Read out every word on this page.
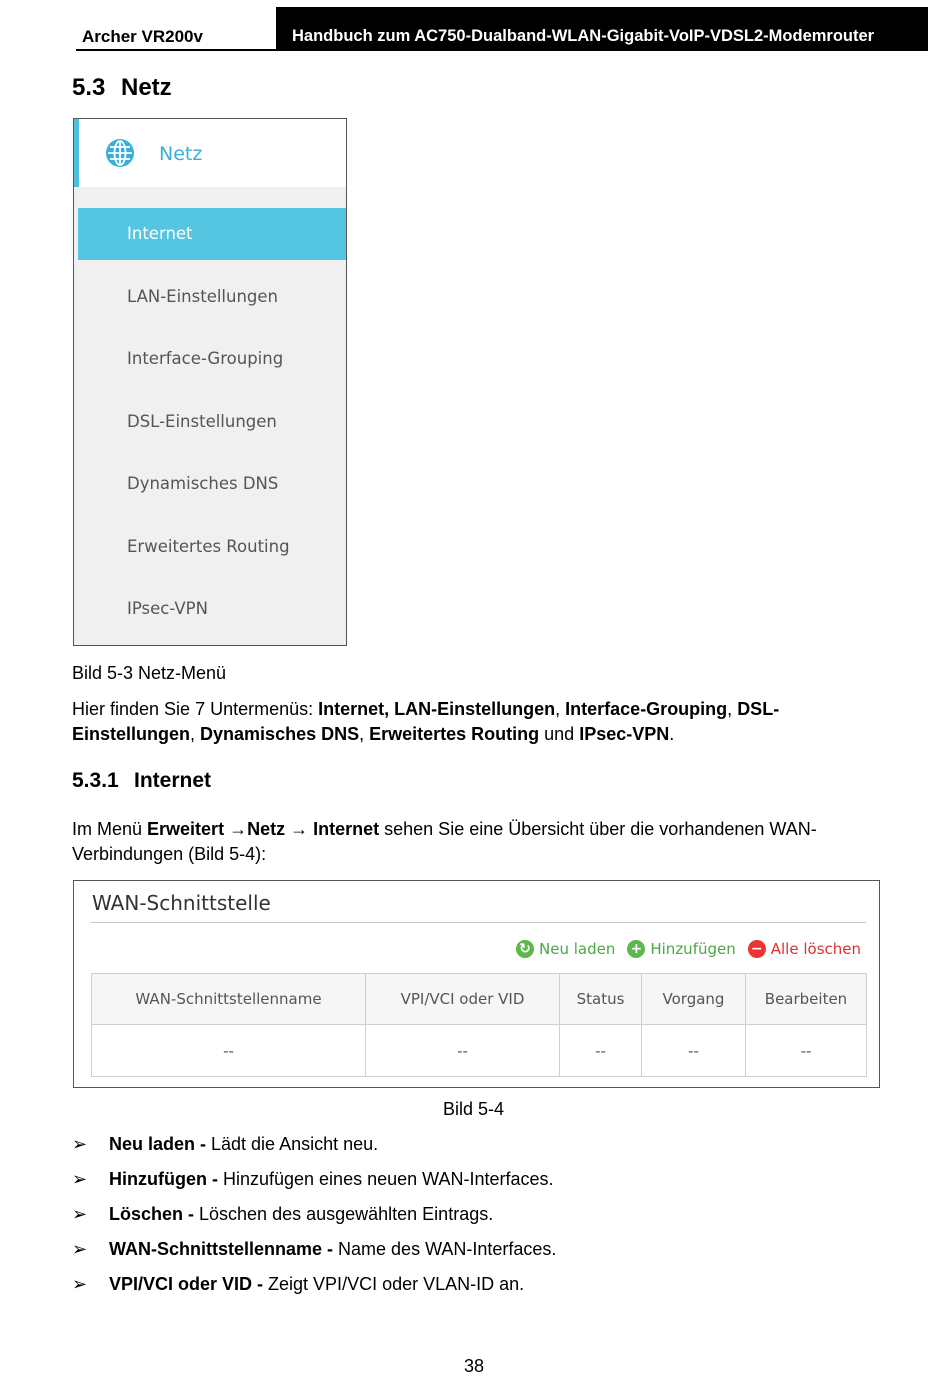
Archer VR200v	Handbuch zum AC750-Dualband-WLAN-Gigabit-VoIP-VDSL2-Modemrouter
5.3 Netz
Netz
Internet
LAN-Einstellungen
Interface-Grouping
DSL-Einstellungen
Dynamisches DNS
Erweitertes Routing
IPsec-VPN
Bild 5-3 Netz-Menü
Hier finden Sie 7 Untermenüs: Internet, LAN-Einstellungen, Interface-Grouping, DSL-
Einstellungen, Dynamisches DNS, Erweitertes Routing und IPsec-VPN.
5.3.1 Internet
Im Menü Erweitert →Netz → Internet sehen Sie eine Übersicht über die vorhandenen WAN-
Verbindungen (Bild 5-4):
WAN-Schnittstelle
↻ Neu laden + Hinzufügen − Alle löschen
WAN-Schnittstellenname	VPI/VCI oder VID	Status	Vorgang	Bearbeiten
--	--	--	--	--
Bild 5-4
➢ Neu laden - Lädt die Ansicht neu.
➢ Hinzufügen - Hinzufügen eines neuen WAN-Interfaces.
➢ Löschen - Löschen des ausgewählten Eintrags.
➢ WAN-Schnittstellenname - Name des WAN-Interfaces.
➢ VPI/VCI oder VID - Zeigt VPI/VCI oder VLAN-ID an.
38
